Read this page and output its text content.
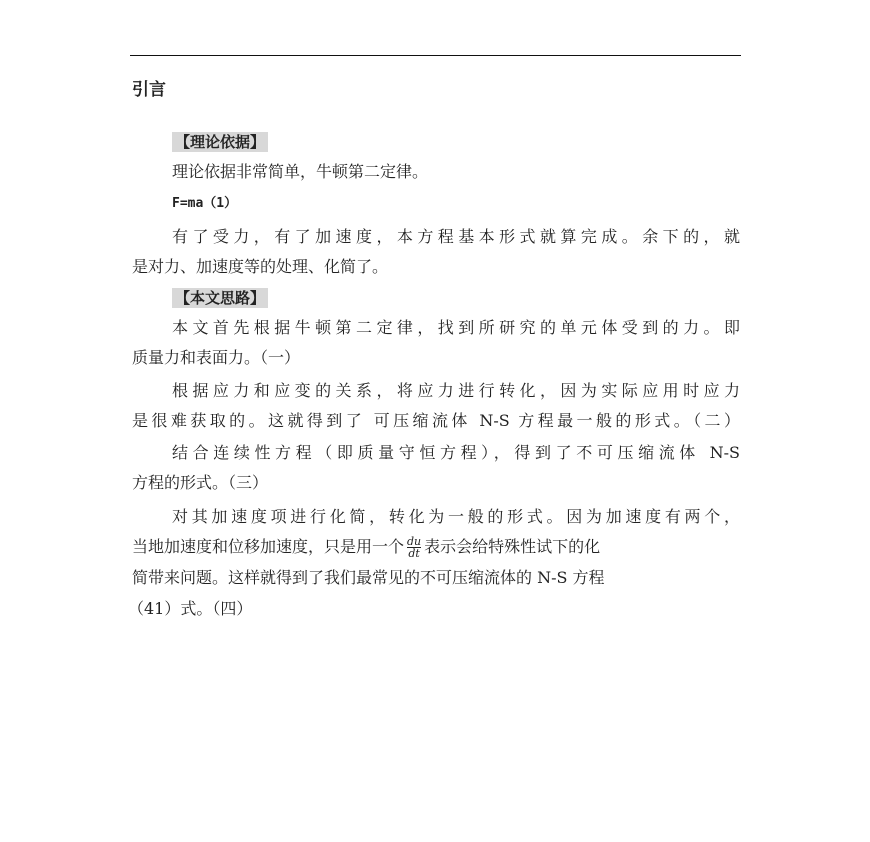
引言
【理论依据】
理论依据非常简单，牛顿第二定律。
F=ma（1）
有了受力，有了加速度，本方程基本形式就算完成。余下的，就
是对力、加速度等的处理、化简了。
【本文思路】
本文首先根据牛顿第二定律，找到所研究的单元体受到的力。即
质量力和表面力。（一）
根据应力和应变的关系，将应力进行转化，因为实际应用时应力
是很难获取的。这就得到了 可压缩流体 N-S 方程最一般的形式。（二）
结合连续性方程（即质量守恒方程），得到了不可压缩流体 N-S
方程的形式。（三）
对其加速度项进行化简，转化为一般的形式。因为加速度有两个，
当地加速度和位移加速度，只是用一个 $\frac{du}{dt}$ 表示会给特殊性试下的化
简带来问题。这样就得到了我们最常见的不可压缩流体的 N-S 方程
（41）式。（四）
